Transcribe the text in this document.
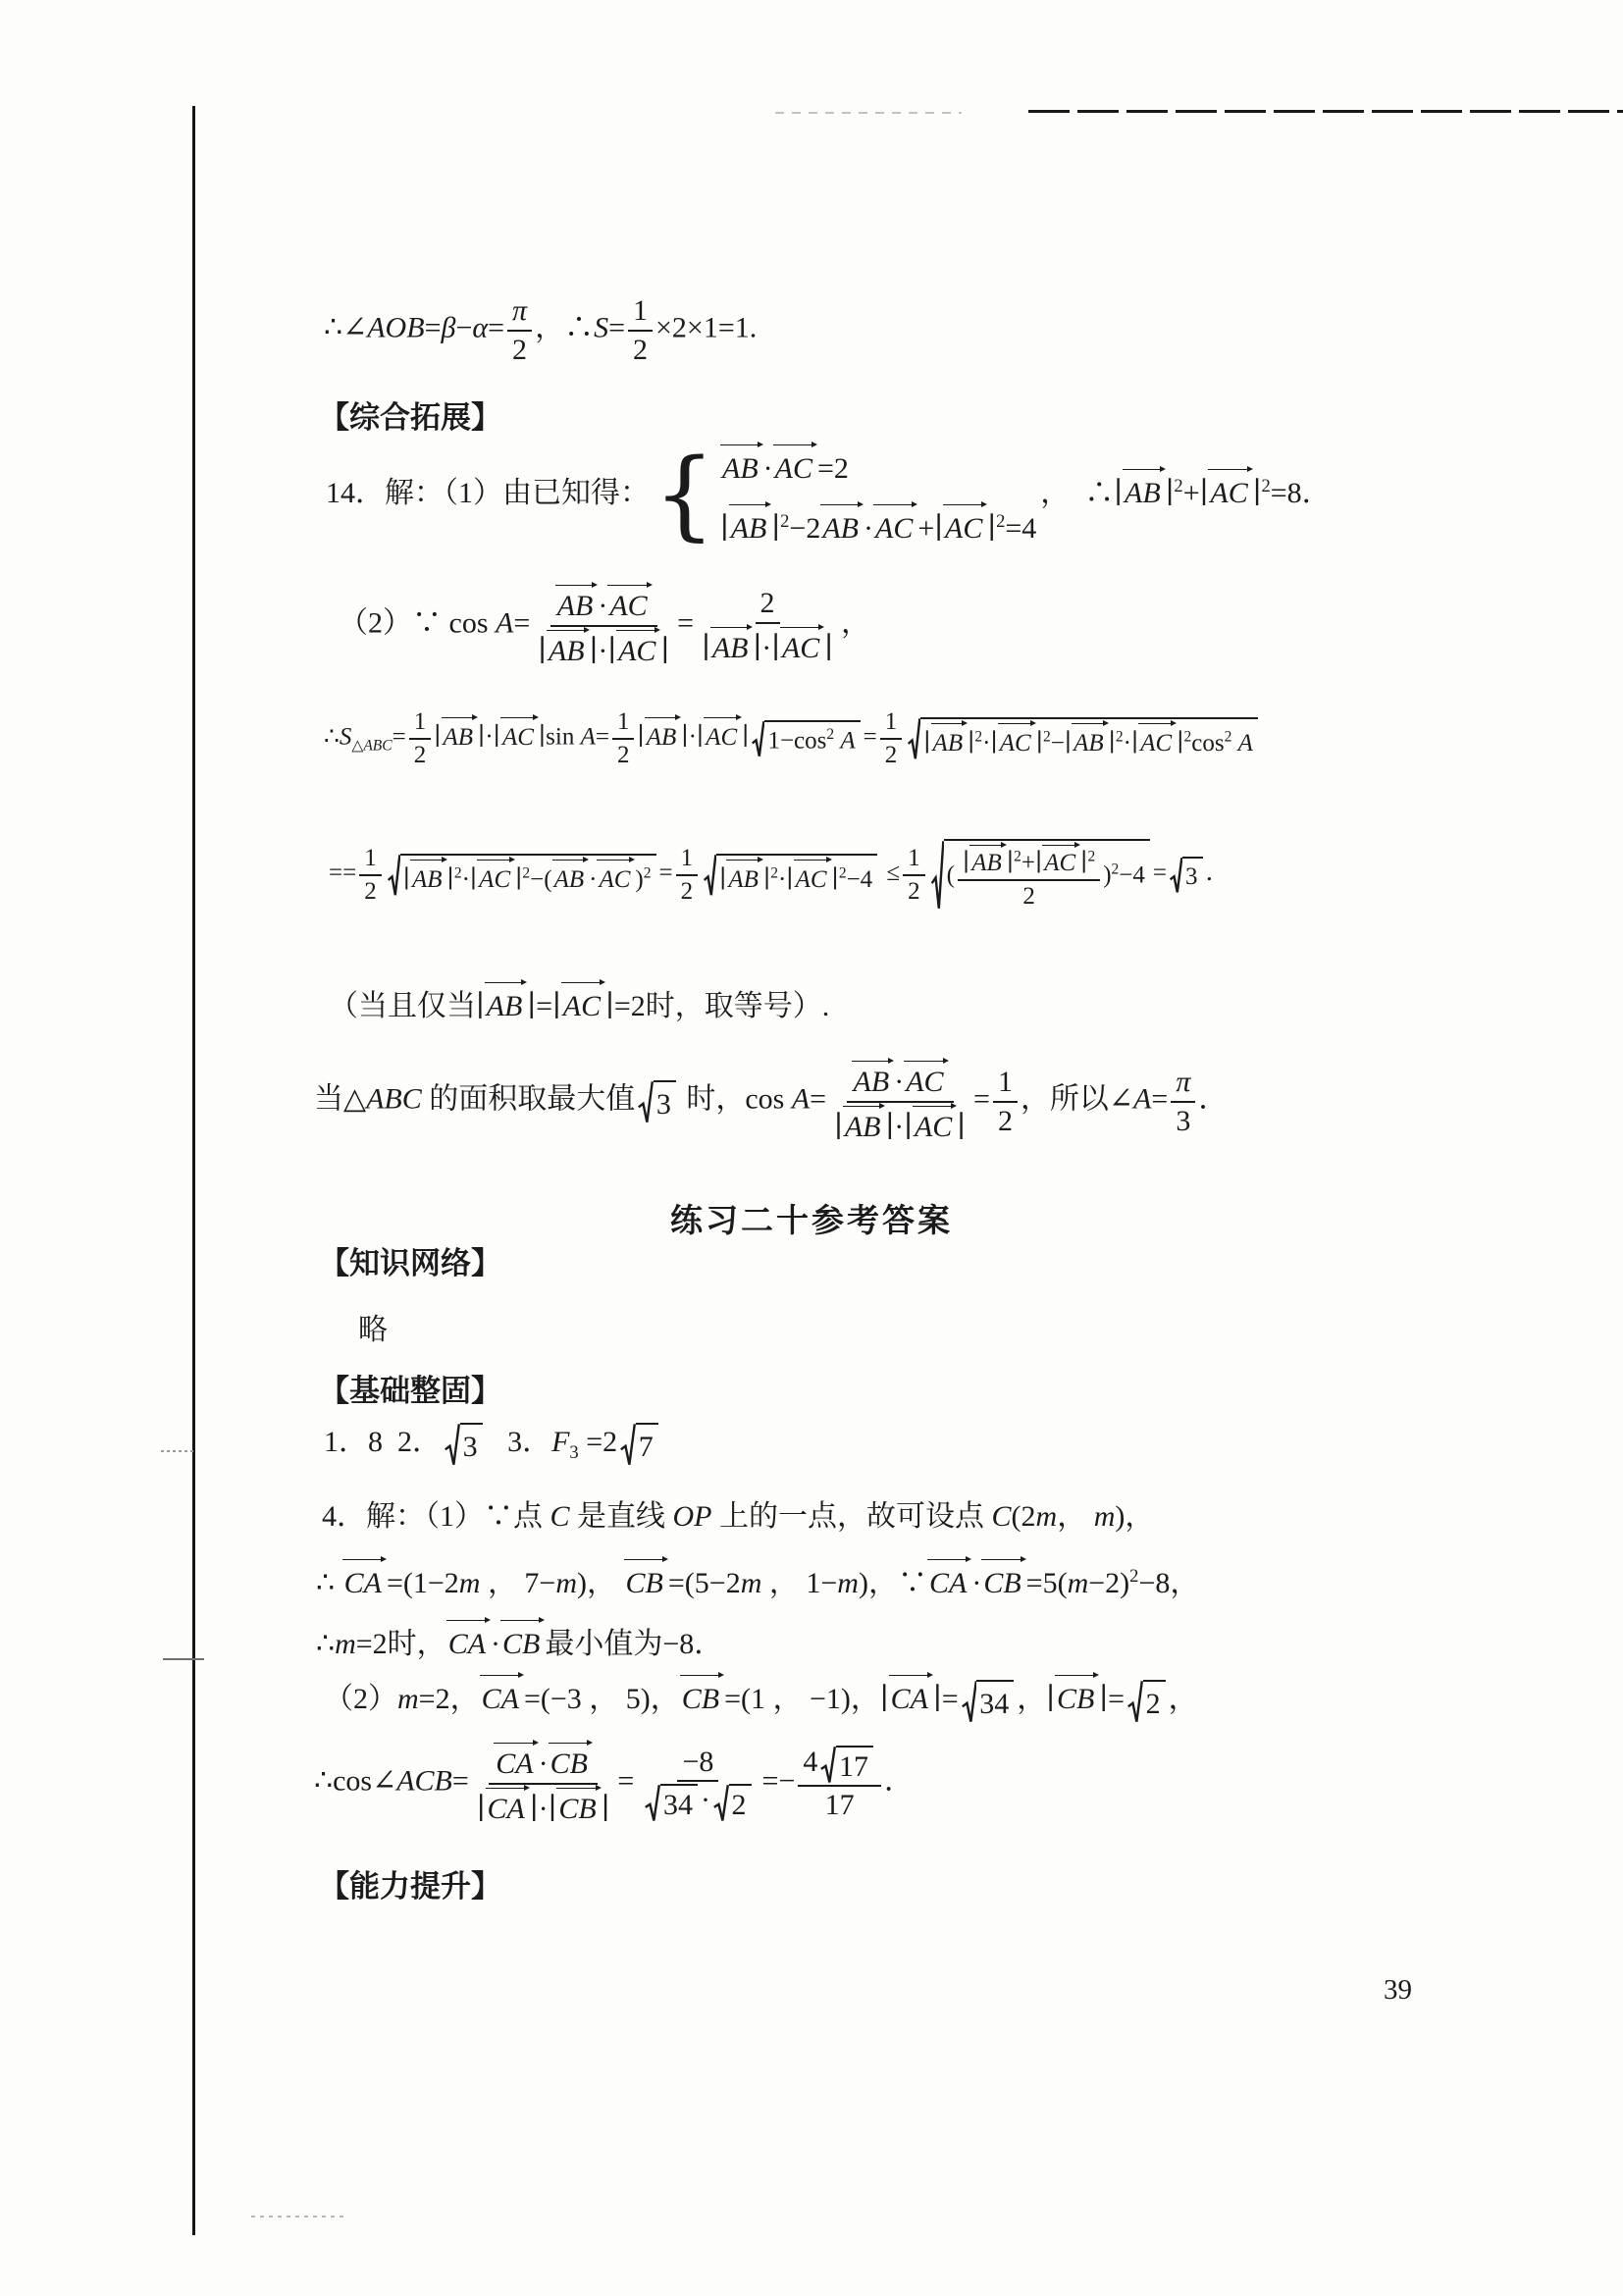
∴∠AOB=β−α= $\frac{\pi}{2}$ ，∴S= $\frac{1}{2} \times 2\times 1=1$.
【综合拓展】
14．解：（1）由已知得： { AB ·AC =2
∣AB ∣$^2$−2AB ·AC +∣AC ∣$^2$=4
，  ∴∣AB ∣$^2$+∣AC ∣$^2$=8．
（2）∵ $\cos A= \frac{AB \cdot AC}{∣AB ∣\cdot∣AC ∣} = \frac{2}{∣AB ∣\cdot∣AC ∣}$ ，
$\therefore S_{\triangle ABC}= \frac{1}{2}$ ∣AB ∣·∣AC ∣sin $A= \frac{1}{2}$ ∣AB ∣·∣AC ∣ $1-\cos^2$ $A = \frac{1}{2}$ ∣AB ∣$^2$·∣AC ∣$^2$−∣AB ∣$^2$·∣AC $∣^2\cos^2$ A
== $\frac{1}{2}$ ∣AB ∣$^2$·∣AC ∣$^2$−(AB ·AC )$^2 = \frac{1}{2}$ ∣AB ∣$^2$·∣AC ∣$^2$−4 ≤ $\frac{1}{2}$ ( $\frac{∣AB ∣^2+∣AC ∣^2}{2} )^2-4 = 3$ ．
（当且仅当∣AB ∣=∣AC ∣=2时，取等号）.
当△ABC 的面积取最大值 3 时，$\cos A= \frac{AB \cdot AC}{∣AB ∣\cdot∣AC ∣} = \frac{1}{2}$ ，所以∠A= $\frac{\pi}{3}$ ．
练习二十参考答案
【知识网络】
略
【基础整固】
1．8  2． 3 3．$F_3 =2$ 7
4．解：（1）∵点 C 是直线 OP 上的一点，故可设点 C(2m， m)，
∴ CA =(1−2m ， 7−m)， CB =(5−2m ， 1−m)，∵CA $\cdot CB =5(m-2)^2-8$，
∴m=2时，CA ·CB 最小值为−8．
（2）m=2，CA =(−3 ， 5)，CB =(1 ， −1)，∣CA ∣= 34 ，∣CB ∣= 2 ，
∴cos∠ACB= $\frac{CA \cdot CB}{∣CA ∣\cdot∣CB ∣} = \frac{-8}{34 \cdot 2} =- \frac{4 17}{17}$ ．
【能力提升】
39
